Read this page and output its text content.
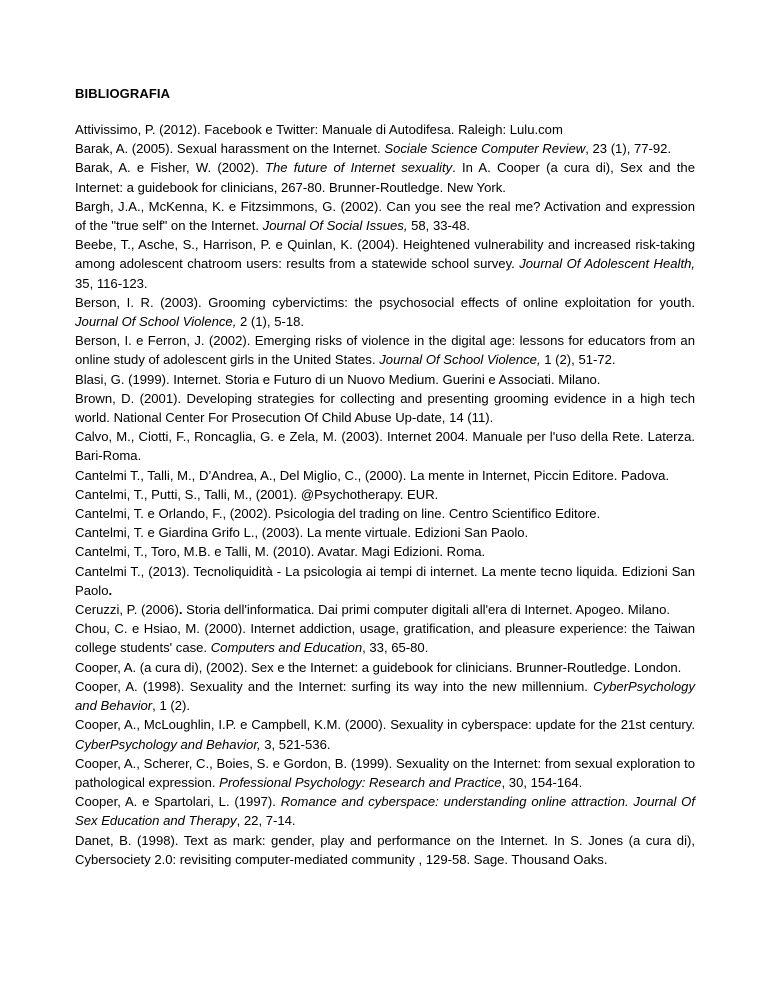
BIBLIOGRAFIA

Attivissimo, P. (2012). Facebook e Twitter: Manuale di Autodifesa. Raleigh: Lulu.com

Barak, A. (2005). Sexual harassment on the Internet. Sociale Science Computer Review, 23 (1), 77-92.

Barak, A. e Fisher, W. (2002). The future of Internet sexuality. In A. Cooper (a cura di), Sex and the Internet: a guidebook for clinicians, 267-80. Brunner-Routledge. New York.

Bargh, J.A., McKenna, K. e Fitzsimmons, G. (2002). Can you see the real me? Activation and expression of the "true self" on the Internet. Journal Of Social Issues, 58, 33-48.

Beebe, T., Asche, S., Harrison, P. e Quinlan, K. (2004). Heightened vulnerability and increased risk-taking among adolescent chatroom users: results from a statewide school survey. Journal Of Adolescent Health, 35, 116-123.

Berson, I. R. (2003). Grooming cybervictims: the psychosocial effects of online exploitation for youth. Journal Of School Violence, 2 (1), 5-18.

Berson, I. e Ferron, J. (2002). Emerging risks of violence in the digital age: lessons for educators from an online study of adolescent girls in the United States. Journal Of School Violence, 1 (2), 51-72.

Blasi, G. (1999). Internet. Storia e Futuro di un Nuovo Medium. Guerini e Associati. Milano.

Brown, D. (2001). Developing strategies for collecting and presenting grooming evidence in a high tech world. National Center For Prosecution Of Child Abuse Up-date, 14 (11).

Calvo, M., Ciotti, F., Roncaglia, G. e Zela, M. (2003). Internet 2004. Manuale per l'uso della Rete. Laterza. Bari-Roma.

Cantelmi T., Talli, M., D’Andrea, A., Del Miglio, C., (2000). La mente in Internet, Piccin Editore. Padova.

Cantelmi, T., Putti, S., Talli, M., (2001). @Psychotherapy. EUR.

Cantelmi, T. e Orlando, F., (2002). Psicologia del trading on line. Centro Scientifico Editore.

Cantelmi, T. e Giardina Grifo L., (2003). La mente virtuale. Edizioni San Paolo.

Cantelmi, T., Toro, M.B. e Talli, M. (2010). Avatar. Magi Edizioni. Roma.

Cantelmi T., (2013). Tecnoliquidità - La psicologia ai tempi di internet. La mente tecno liquida. Edizioni San Paolo.

Ceruzzi, P. (2006). Storia dell'informatica. Dai primi computer digitali all'era di Internet. Apogeo. Milano.

Chou, C. e Hsiao, M. (2000). Internet addiction, usage, gratification, and pleasure experience: the Taiwan college students' case. Computers and Education, 33, 65-80.

Cooper, A. (a cura di), (2002). Sex e the Internet: a guidebook for clinicians. Brunner-Routledge. London.

Cooper, A. (1998). Sexuality and the Internet: surfing its way into the new millennium. CyberPsychology and Behavior, 1 (2).

Cooper, A., McLoughlin, I.P. e Campbell, K.M. (2000). Sexuality in cyberspace: update for the 21st century. CyberPsychology and Behavior, 3, 521-536.

Cooper, A., Scherer, C., Boies, S. e Gordon, B. (1999). Sexuality on the Internet: from sexual exploration to pathological expression. Professional Psychology: Research and Practice, 30, 154-164.

Cooper, A. e Spartolari, L. (1997). Romance and cyberspace: understanding online attraction. Journal Of Sex Education and Therapy, 22, 7-14.

Danet, B. (1998). Text as mark: gender, play and performance on the Internet. In S. Jones (a cura di), Cybersociety 2.0: revisiting computer-mediated community , 129-58. Sage. Thousand Oaks.
